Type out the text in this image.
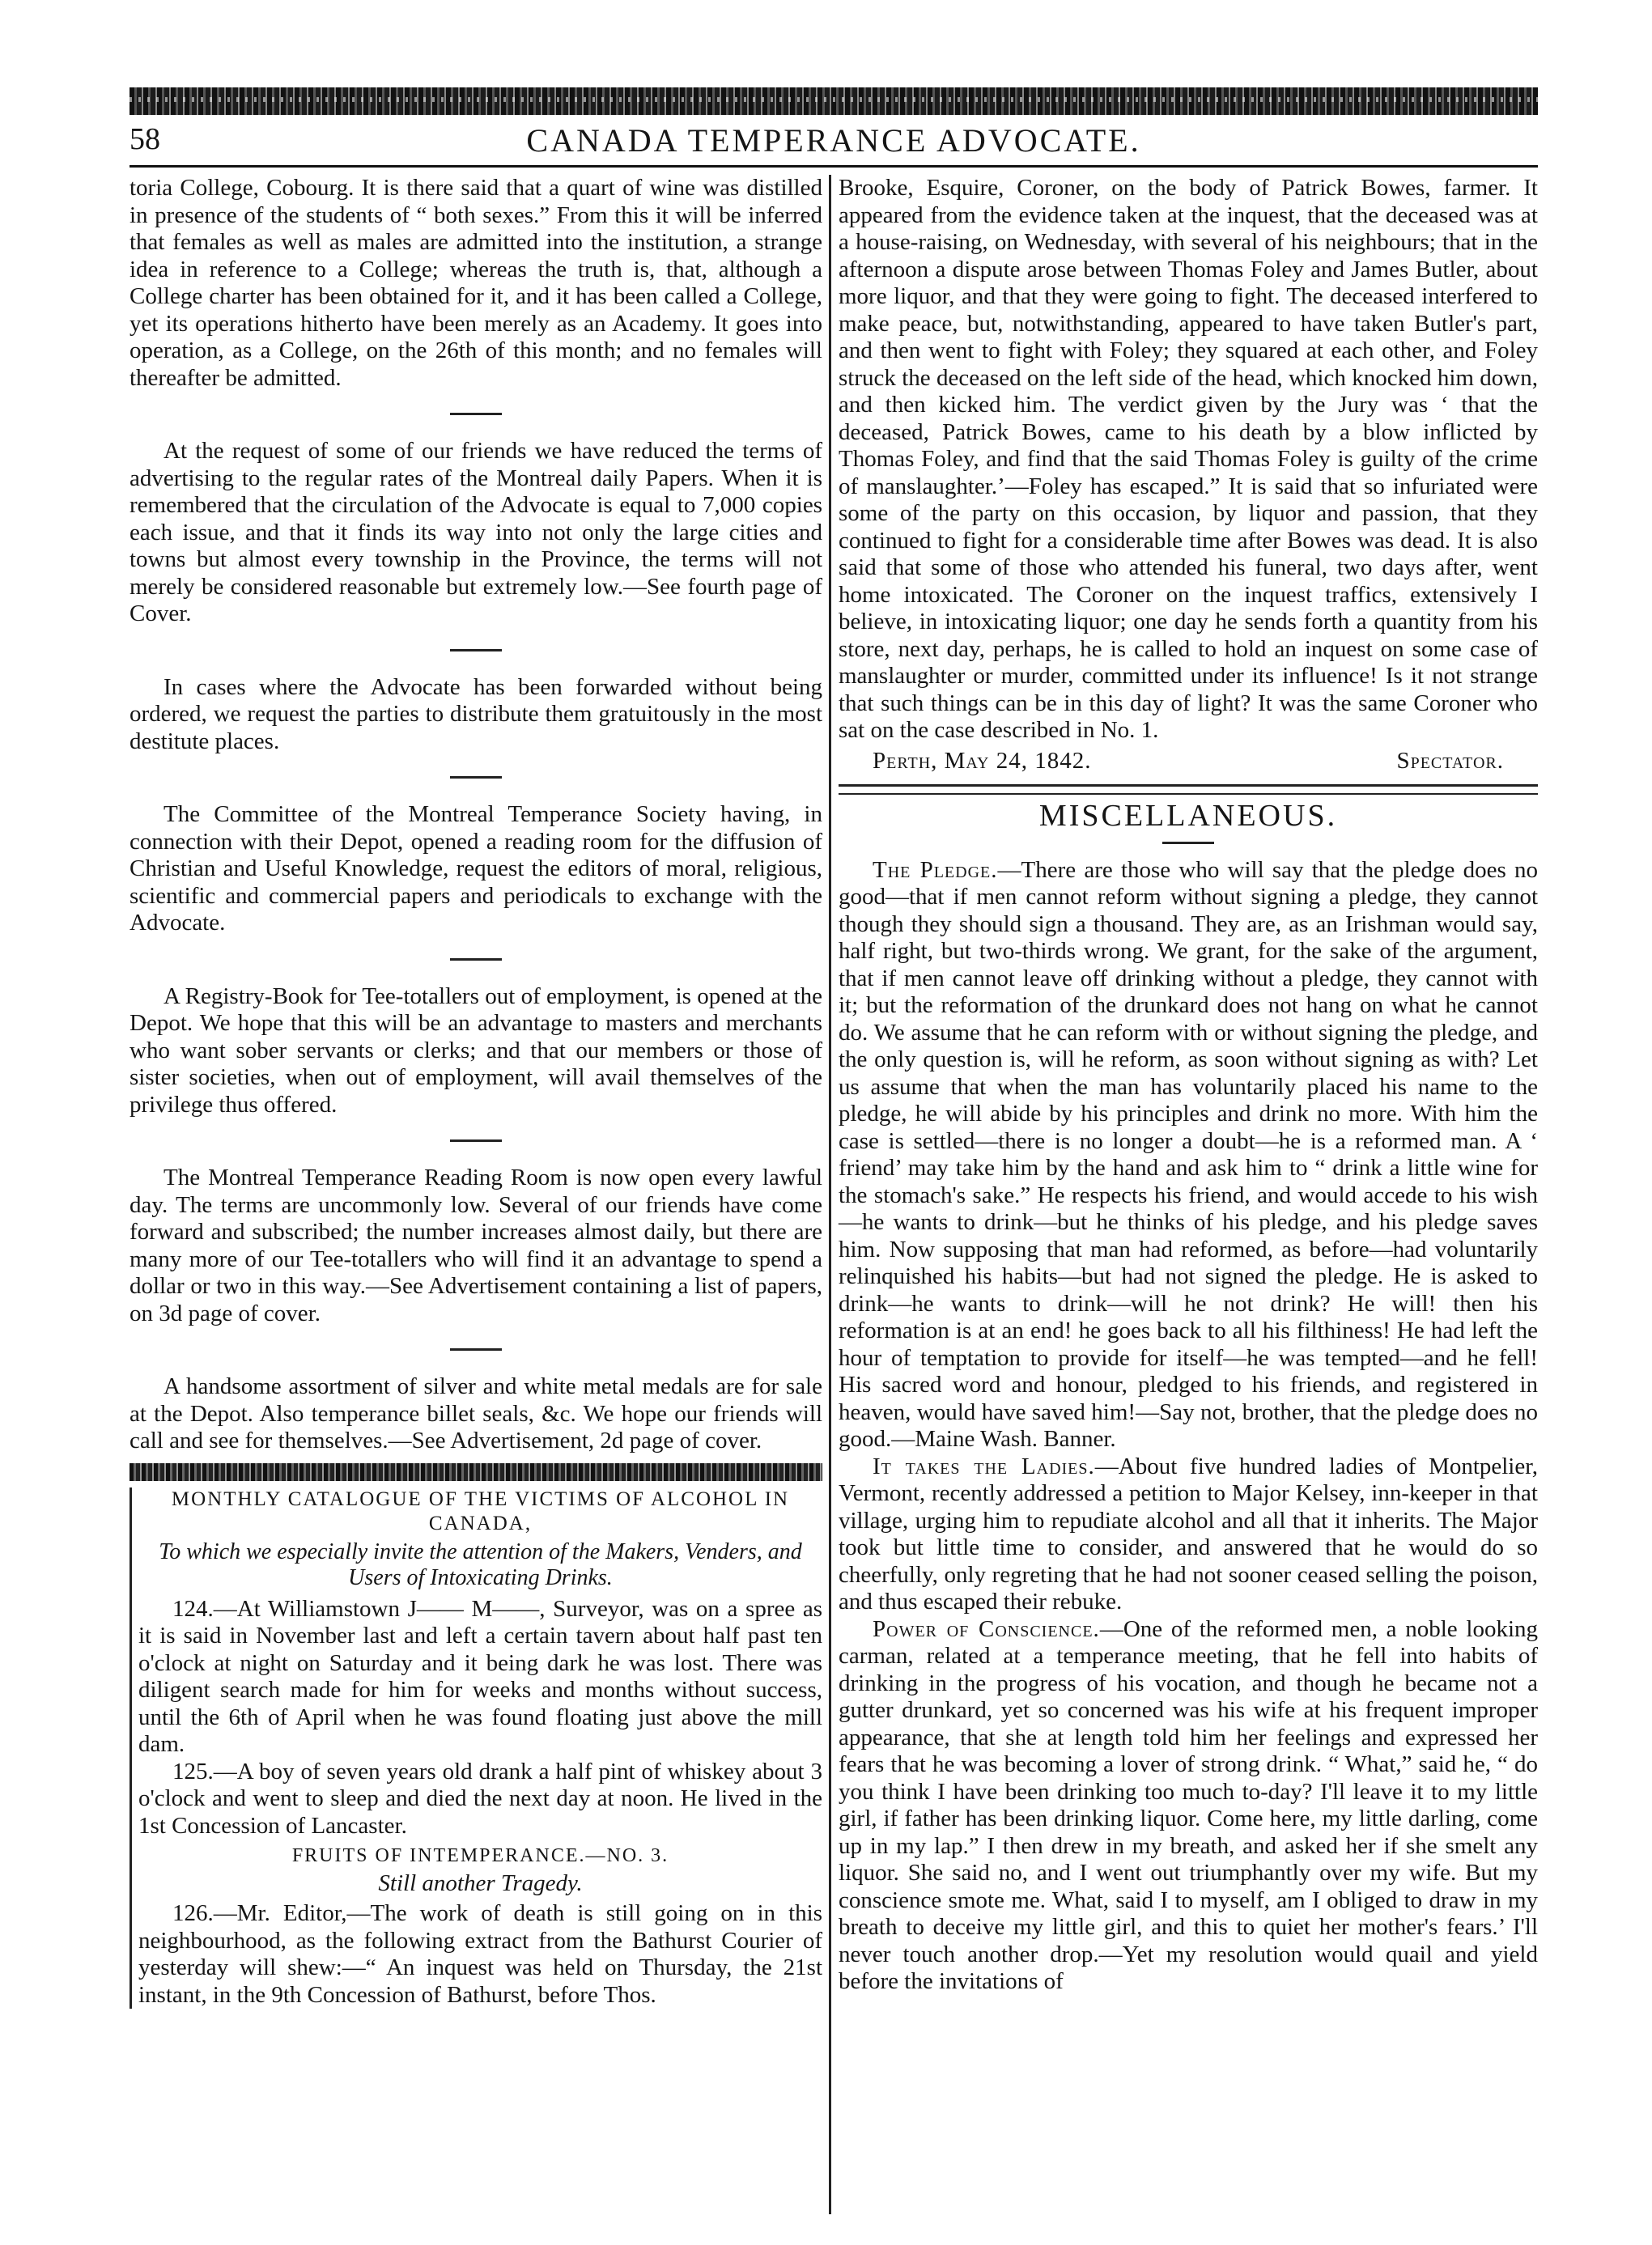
58	CANADA TEMPERANCE ADVOCATE.

toria College, Cobourg. It is there said that a quart of wine was distilled in presence of the students of “ both sexes.” From this it will be inferred that females as well as males are admitted into the institution, a strange idea in reference to a College; whereas the truth is, that, although a College charter has been obtained for it, and it has been called a College, yet its operations hitherto have been merely as an Academy. It goes into operation, as a College, on the 26th of this month; and no females will thereafter be admitted.

At the request of some of our friends we have reduced the terms of advertising to the regular rates of the Montreal daily Papers. When it is remembered that the circulation of the Advocate is equal to 7,000 copies each issue, and that it finds its way into not only the large cities and towns but almost every township in the Province, the terms will not merely be considered reasonable but extremely low.—See fourth page of Cover.

In cases where the Advocate has been forwarded without being ordered, we request the parties to distribute them gratuitously in the most destitute places.

The Committee of the Montreal Temperance Society having, in connection with their Depot, opened a reading room for the diffusion of Christian and Useful Knowledge, request the editors of moral, religious, scientific and commercial papers and periodicals to exchange with the Advocate.

A Registry-Book for Tee-totallers out of employment, is opened at the Depot. We hope that this will be an advantage to masters and merchants who want sober servants or clerks; and that our members or those of sister societies, when out of employment, will avail themselves of the privilege thus offered.

The Montreal Temperance Reading Room is now open every lawful day. The terms are uncommonly low. Several of our friends have come forward and subscribed; the number increases almost daily, but there are many more of our Tee-totallers who will find it an advantage to spend a dollar or two in this way.—See Advertisement containing a list of papers, on 3d page of cover.

A handsome assortment of silver and white metal medals are for sale at the Depot. Also temperance billet seals, &c. We hope our friends will call and see for themselves.—See Advertisement, 2d page of cover.

MONTHLY CATALOGUE OF THE VICTIMS OF ALCOHOL IN CANADA,

To which we especially invite the attention of the Makers, Venders, and Users of Intoxicating Drinks.

124.—At Williamstown J—— M——, Surveyor, was on a spree as it is said in November last and left a certain tavern about half past ten o'clock at night on Saturday and it being dark he was lost. There was diligent search made for him for weeks and months without success, until the 6th of April when he was found floating just above the mill dam.

125.—A boy of seven years old drank a half pint of whiskey about 3 o'clock and went to sleep and died the next day at noon. He lived in the 1st Concession of Lancaster.

FRUITS OF INTEMPERANCE.—NO. 3.

Still another Tragedy.

126.—Mr. Editor,—The work of death is still going on in this neighbourhood, as the following extract from the Bathurst Courier of yesterday will shew:—“ An inquest was held on Thursday, the 21st instant, in the 9th Concession of Bathurst, before Thos.

Brooke, Esquire, Coroner, on the body of Patrick Bowes, farmer. It appeared from the evidence taken at the inquest, that the deceased was at a house-raising, on Wednesday, with several of his neighbours; that in the afternoon a dispute arose between Thomas Foley and James Butler, about more liquor, and that they were going to fight. The deceased interfered to make peace, but, notwithstanding, appeared to have taken Butler's part, and then went to fight with Foley; they squared at each other, and Foley struck the deceased on the left side of the head, which knocked him down, and then kicked him. The verdict given by the Jury was ‘ that the deceased, Patrick Bowes, came to his death by a blow inflicted by Thomas Foley, and find that the said Thomas Foley is guilty of the crime of manslaughter.’—Foley has escaped.” It is said that so infuriated were some of the party on this occasion, by liquor and passion, that they continued to fight for a considerable time after Bowes was dead. It is also said that some of those who attended his funeral, two days after, went home intoxicated. The Coroner on the inquest traffics, extensively I believe, in intoxicating liquor; one day he sends forth a quantity from his store, next day, perhaps, he is called to hold an inquest on some case of manslaughter or murder, committed under its influence! Is it not strange that such things can be in this day of light? It was the same Coroner who sat on the case described in No. 1.

Perth, May 24, 1842.	Spectator.

MISCELLANEOUS.

The Pledge.—There are those who will say that the pledge does no good—that if men cannot reform without signing a pledge, they cannot though they should sign a thousand. They are, as an Irishman would say, half right, but two-thirds wrong. We grant, for the sake of the argument, that if men cannot leave off drinking without a pledge, they cannot with it; but the reformation of the drunkard does not hang on what he cannot do. We assume that he can reform with or without signing the pledge, and the only question is, will he reform, as soon without signing as with? Let us assume that when the man has voluntarily placed his name to the pledge, he will abide by his principles and drink no more. With him the case is settled—there is no longer a doubt—he is a reformed man. A ‘ friend’ may take him by the hand and ask him to “ drink a little wine for the stomach's sake.” He respects his friend, and would accede to his wish—he wants to drink—but he thinks of his pledge, and his pledge saves him. Now supposing that man had reformed, as before—had voluntarily relinquished his habits—but had not signed the pledge. He is asked to drink—he wants to drink—will he not drink? He will! then his reformation is at an end! he goes back to all his filthiness! He had left the hour of temptation to provide for itself—he was tempted—and he fell! His sacred word and honour, pledged to his friends, and registered in heaven, would have saved him!—Say not, brother, that the pledge does no good.—Maine Wash. Banner.

It takes the Ladies.—About five hundred ladies of Montpelier, Vermont, recently addressed a petition to Major Kelsey, inn-keeper in that village, urging him to repudiate alcohol and all that it inherits. The Major took but little time to consider, and answered that he would do so cheerfully, only regreting that he had not sooner ceased selling the poison, and thus escaped their rebuke.

Power of Conscience.—One of the reformed men, a noble looking carman, related at a temperance meeting, that he fell into habits of drinking in the progress of his vocation, and though he became not a gutter drunkard, yet so concerned was his wife at his frequent improper appearance, that she at length told him her feelings and expressed her fears that he was becoming a lover of strong drink. “ What,” said he, “ do you think I have been drinking too much to-day? I'll leave it to my little girl, if father has been drinking liquor. Come here, my little darling, come up in my lap.” I then drew in my breath, and asked her if she smelt any liquor. She said no, and I went out triumphantly over my wife. But my conscience smote me. What, said I to myself, am I obliged to draw in my breath to deceive my little girl, and this to quiet her mother's fears.’ I'll never touch another drop.—Yet my resolution would quail and yield before the invitations of
